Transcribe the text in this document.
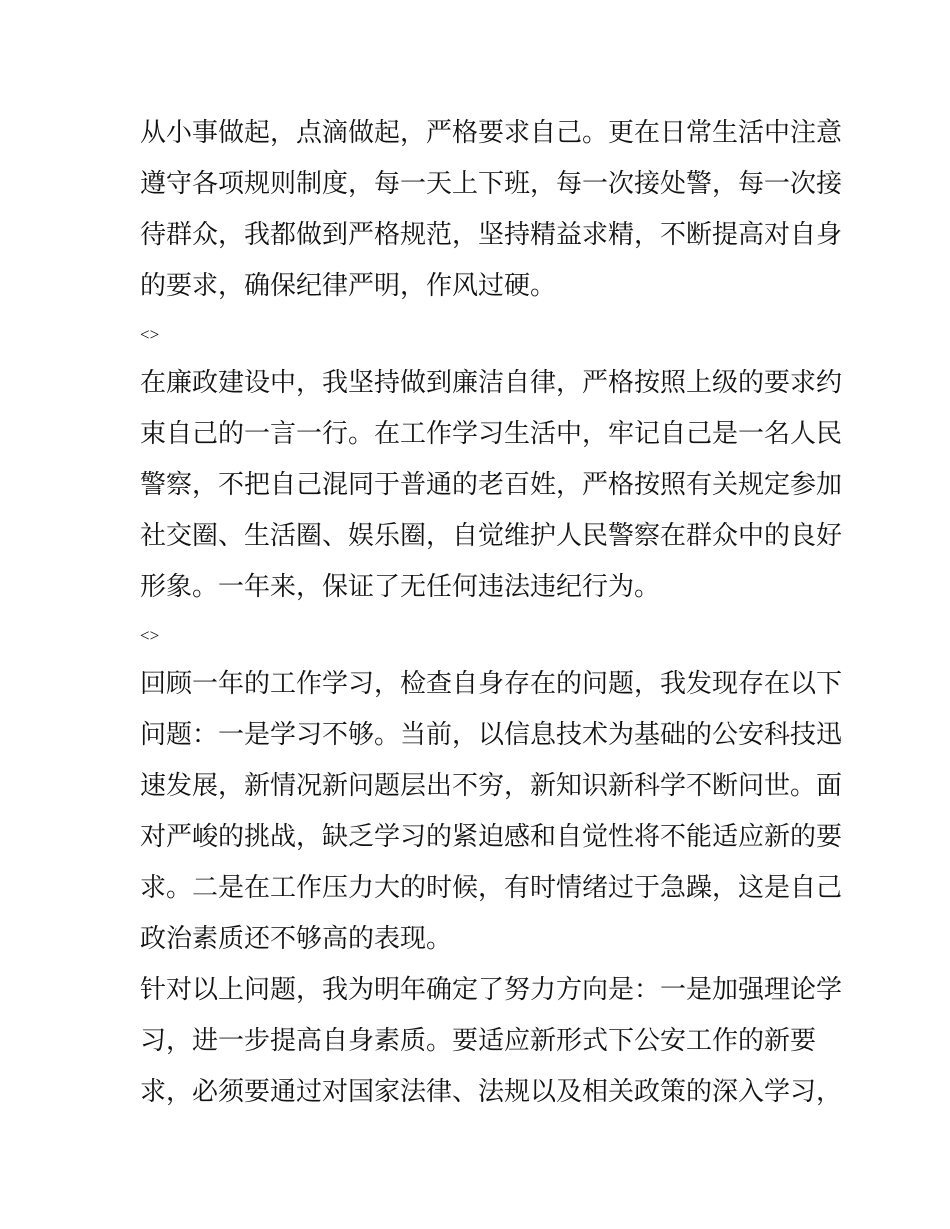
从小事做起，点滴做起，严格要求自己。更在日常生活中注意
遵守各项规则制度，每一天上下班，每一次接处警，每一次接
待群众，我都做到严格规范，坚持精益求精，不断提高对自身
的要求，确保纪律严明，作风过硬。
<>
在廉政建设中，我坚持做到廉洁自律，严格按照上级的要求约
束自己的一言一行。在工作学习生活中，牢记自己是一名人民
警察，不把自己混同于普通的老百姓，严格按照有关规定参加
社交圈、生活圈、娱乐圈，自觉维护人民警察在群众中的良好
形象。一年来，保证了无任何违法违纪行为。
<>
回顾一年的工作学习，检查自身存在的问题，我发现存在以下
问题：一是学习不够。当前，以信息技术为基础的公安科技迅
速发展，新情况新问题层出不穷，新知识新科学不断问世。面
对严峻的挑战，缺乏学习的紧迫感和自觉性将不能适应新的要
求。二是在工作压力大的时候，有时情绪过于急躁，这是自己
政治素质还不够高的表现。
针对以上问题，我为明年确定了努力方向是：一是加强理论学
习，进一步提高自身素质。要适应新形式下公安工作的新要
求，必须要通过对国家法律、法规以及相关政策的深入学习，
